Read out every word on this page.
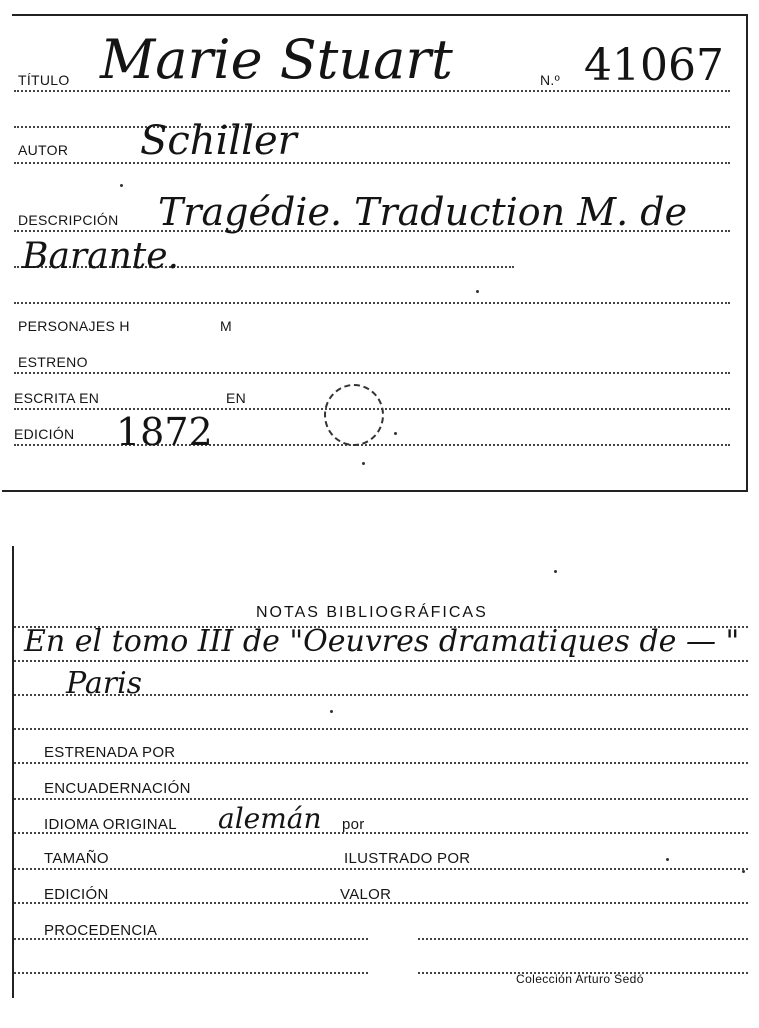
TÍTULO Marie Stuart	N.º 41067
AUTOR Schiller
DESCRIPCIÓN Tragédie. Traduction M. de
Barante.
PERSONAJES H	M
ESTRENO
ESCRITA EN	EN
EDICIÓN 1872
NOTAS BIBLIOGRÁFICAS
En el tomo III de "Oeuvres dramatiques de — "
Paris
ESTRENADA POR
ENCUADERNACIÓN
IDIOMA ORIGINAL alemán por
TAMAÑO	ILUSTRADO POR
EDICIÓN	VALOR
PROCEDENCIA
Colección Arturo Sedó
